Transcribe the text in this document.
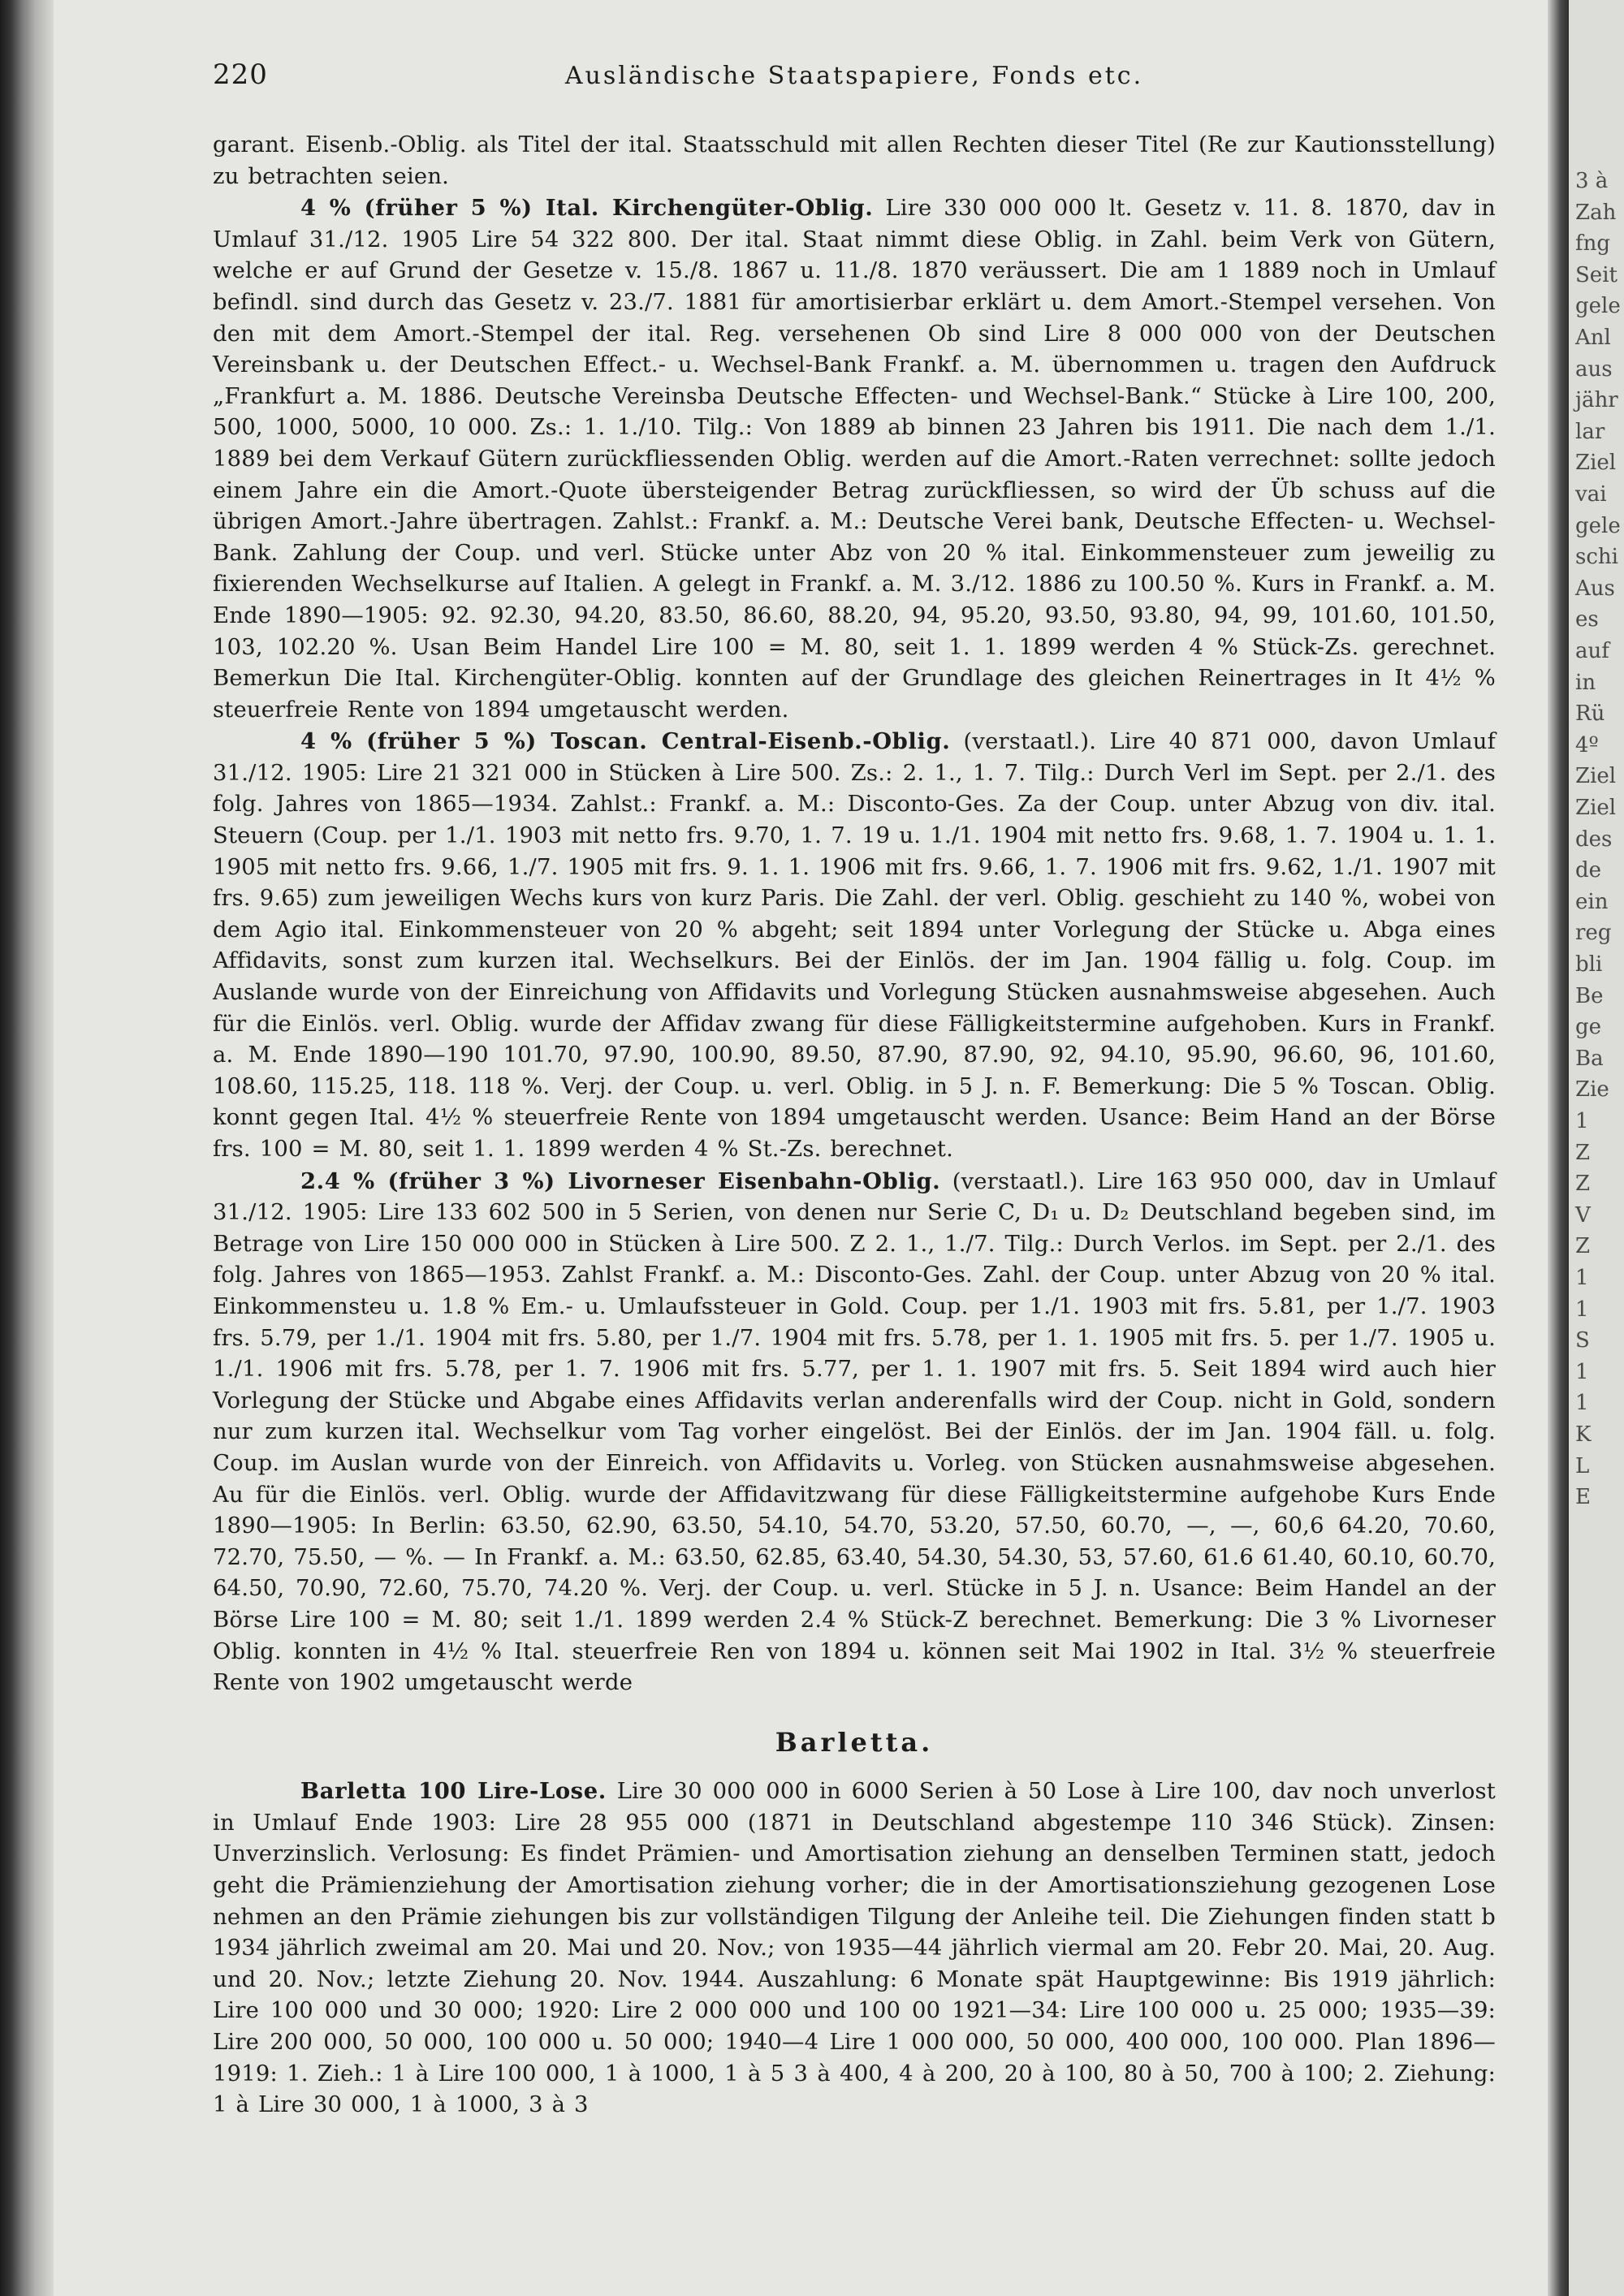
3 à
Zah
fng
Seit
gele
Anl
aus
jähr
lar
Ziel
vai
gele
schi
Aus
es
auf
in
Rü
4º
Ziel
Ziel
des
de
ein
reg
bli
Be
ge
Ba
Zie
1
Z
Z
V
Z
1
1
S
1
1
K
L
E
220	Ausländische Staatspapiere, Fonds etc.

garant. Eisenb.-Oblig. als Titel der ital. Staatsschuld mit allen Rechten dieser Titel (Re zur Kautionsstellung) zu betrachten seien.

4 % (früher 5 %) Ital. Kirchengüter-Oblig. Lire 330 000 000 lt. Gesetz v. 11. 8. 1870, dav in Umlauf 31./12. 1905 Lire 54 322 800. Der ital. Staat nimmt diese Oblig. in Zahl. beim Verk von Gütern, welche er auf Grund der Gesetze v. 15./8. 1867 u. 11./8. 1870 veräussert. Die am 1 1889 noch in Umlauf befindl. sind durch das Gesetz v. 23./7. 1881 für amortisierbar erklärt u. dem Amort.-Stempel versehen. Von den mit dem Amort.-Stempel der ital. Reg. versehenen Ob sind Lire 8 000 000 von der Deutschen Vereinsbank u. der Deutschen Effect.- u. Wechsel-Bank Frankf. a. M. übernommen u. tragen den Aufdruck „Frankfurt a. M. 1886. Deutsche Vereinsba Deutsche Effecten- und Wechsel-Bank.“ Stücke à Lire 100, 200, 500, 1000, 5000, 10 000. Zs.: 1. 1./10. Tilg.: Von 1889 ab binnen 23 Jahren bis 1911. Die nach dem 1./1. 1889 bei dem Verkauf Gütern zurückfliessenden Oblig. werden auf die Amort.-Raten verrechnet: sollte jedoch einem Jahre ein die Amort.-Quote übersteigender Betrag zurückfliessen, so wird der Üb schuss auf die übrigen Amort.-Jahre übertragen. Zahlst.: Frankf. a. M.: Deutsche Verei bank, Deutsche Effecten- u. Wechsel-Bank. Zahlung der Coup. und verl. Stücke unter Abz von 20 % ital. Einkommensteuer zum jeweilig zu fixierenden Wechselkurse auf Italien. A gelegt in Frankf. a. M. 3./12. 1886 zu 100.50 %. Kurs in Frankf. a. M. Ende 1890—1905: 92. 92.30, 94.20, 83.50, 86.60, 88.20, 94, 95.20, 93.50, 93.80, 94, 99, 101.60, 101.50, 103, 102.20 %. Usan Beim Handel Lire 100 = M. 80, seit 1. 1. 1899 werden 4 % Stück-Zs. gerechnet. Bemerkun Die Ital. Kirchengüter-Oblig. konnten auf der Grundlage des gleichen Reinertrages in It 4½ % steuerfreie Rente von 1894 umgetauscht werden.

4 % (früher 5 %) Toscan. Central-Eisenb.-Oblig. (verstaatl.). Lire 40 871 000, davon Umlauf 31./12. 1905: Lire 21 321 000 in Stücken à Lire 500. Zs.: 2. 1., 1. 7. Tilg.: Durch Verl im Sept. per 2./1. des folg. Jahres von 1865—1934. Zahlst.: Frankf. a. M.: Disconto-Ges. Za der Coup. unter Abzug von div. ital. Steuern (Coup. per 1./1. 1903 mit netto frs. 9.70, 1. 7. 19 u. 1./1. 1904 mit netto frs. 9.68, 1. 7. 1904 u. 1. 1. 1905 mit netto frs. 9.66, 1./7. 1905 mit frs. 9. 1. 1. 1906 mit frs. 9.66, 1. 7. 1906 mit frs. 9.62, 1./1. 1907 mit frs. 9.65) zum jeweiligen Wechs kurs von kurz Paris. Die Zahl. der verl. Oblig. geschieht zu 140 %, wobei von dem Agio ital. Einkommensteuer von 20 % abgeht; seit 1894 unter Vorlegung der Stücke u. Abga eines Affidavits, sonst zum kurzen ital. Wechselkurs. Bei der Einlös. der im Jan. 1904 fällig u. folg. Coup. im Auslande wurde von der Einreichung von Affidavits und Vorlegung Stücken ausnahmsweise abgesehen. Auch für die Einlös. verl. Oblig. wurde der Affidav zwang für diese Fälligkeitstermine aufgehoben. Kurs in Frankf. a. M. Ende 1890—190 101.70, 97.90, 100.90, 89.50, 87.90, 87.90, 92, 94.10, 95.90, 96.60, 96, 101.60, 108.60, 115.25, 118. 118 %. Verj. der Coup. u. verl. Oblig. in 5 J. n. F. Bemerkung: Die 5 % Toscan. Oblig. konnt gegen Ital. 4½ % steuerfreie Rente von 1894 umgetauscht werden. Usance: Beim Hand an der Börse frs. 100 = M. 80, seit 1. 1. 1899 werden 4 % St.-Zs. berechnet.

2.4 % (früher 3 %) Livorneser Eisenbahn-Oblig. (verstaatl.). Lire 163 950 000, dav in Umlauf 31./12. 1905: Lire 133 602 500 in 5 Serien, von denen nur Serie C, D₁ u. D₂ Deutschland begeben sind, im Betrage von Lire 150 000 000 in Stücken à Lire 500. Z 2. 1., 1./7. Tilg.: Durch Verlos. im Sept. per 2./1. des folg. Jahres von 1865—1953. Zahlst Frankf. a. M.: Disconto-Ges. Zahl. der Coup. unter Abzug von 20 % ital. Einkommensteu u. 1.8 % Em.- u. Umlaufssteuer in Gold. Coup. per 1./1. 1903 mit frs. 5.81, per 1./7. 1903 frs. 5.79, per 1./1. 1904 mit frs. 5.80, per 1./7. 1904 mit frs. 5.78, per 1. 1. 1905 mit frs. 5. per 1./7. 1905 u. 1./1. 1906 mit frs. 5.78, per 1. 7. 1906 mit frs. 5.77, per 1. 1. 1907 mit frs. 5. Seit 1894 wird auch hier Vorlegung der Stücke und Abgabe eines Affidavits verlan anderenfalls wird der Coup. nicht in Gold, sondern nur zum kurzen ital. Wechselkur vom Tag vorher eingelöst. Bei der Einlös. der im Jan. 1904 fäll. u. folg. Coup. im Auslan wurde von der Einreich. von Affidavits u. Vorleg. von Stücken ausnahmsweise abgesehen. Au für die Einlös. verl. Oblig. wurde der Affidavitzwang für diese Fälligkeitstermine aufgehobe Kurs Ende 1890—1905: In Berlin: 63.50, 62.90, 63.50, 54.10, 54.70, 53.20, 57.50, 60.70, —, —, 60,6 64.20, 70.60, 72.70, 75.50, — %. — In Frankf. a. M.: 63.50, 62.85, 63.40, 54.30, 54.30, 53, 57.60, 61.6 61.40, 60.10, 60.70, 64.50, 70.90, 72.60, 75.70, 74.20 %. Verj. der Coup. u. verl. Stücke in 5 J. n. Usance: Beim Handel an der Börse Lire 100 = M. 80; seit 1./1. 1899 werden 2.4 % Stück-Z berechnet. Bemerkung: Die 3 % Livorneser Oblig. konnten in 4½ % Ital. steuerfreie Ren von 1894 u. können seit Mai 1902 in Ital. 3½ % steuerfreie Rente von 1902 umgetauscht werde

Barletta.

Barletta 100 Lire-Lose. Lire 30 000 000 in 6000 Serien à 50 Lose à Lire 100, dav noch unverlost in Umlauf Ende 1903: Lire 28 955 000 (1871 in Deutschland abgestempe 110 346 Stück). Zinsen: Unverzinslich. Verlosung: Es findet Prämien- und Amortisation ziehung an denselben Terminen statt, jedoch geht die Prämienziehung der Amortisation ziehung vorher; die in der Amortisationsziehung gezogenen Lose nehmen an den Prämie ziehungen bis zur vollständigen Tilgung der Anleihe teil. Die Ziehungen finden statt b 1934 jährlich zweimal am 20. Mai und 20. Nov.; von 1935—44 jährlich viermal am 20. Febr 20. Mai, 20. Aug. und 20. Nov.; letzte Ziehung 20. Nov. 1944. Auszahlung: 6 Monate spät Hauptgewinne: Bis 1919 jährlich: Lire 100 000 und 30 000; 1920: Lire 2 000 000 und 100 00 1921—34: Lire 100 000 u. 25 000; 1935—39: Lire 200 000, 50 000, 100 000 u. 50 000; 1940—4 Lire 1 000 000, 50 000, 400 000, 100 000. Plan 1896—1919: 1. Zieh.: 1 à Lire 100 000, 1 à 1000, 1 à 5 3 à 400, 4 à 200, 20 à 100, 80 à 50, 700 à 100; 2. Ziehung: 1 à Lire 30 000, 1 à 1000, 3 à 3
